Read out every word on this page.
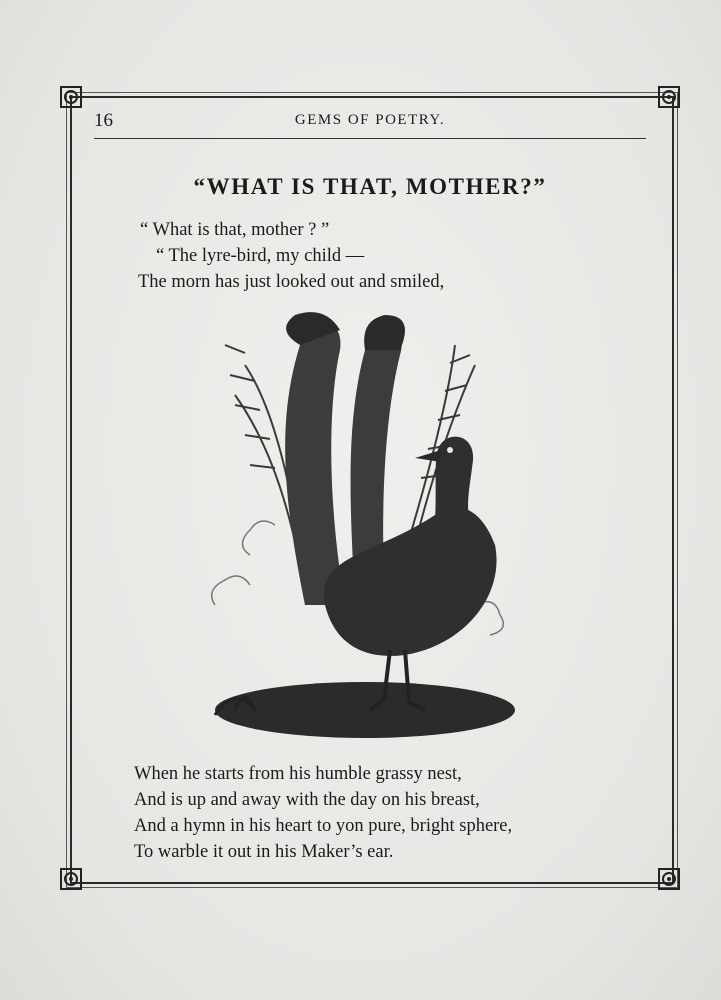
16	GEMS OF POETRY.
“WHAT IS THAT, MOTHER?”
“ What is that, mother ? ”
“ The lyre-bird, my child —
The morn has just looked out and smiled,
When he starts from his humble grassy nest,
And is up and away with the day on his breast,
And a hymn in his heart to yon pure, bright sphere,
To warble it out in his Maker’s ear.
